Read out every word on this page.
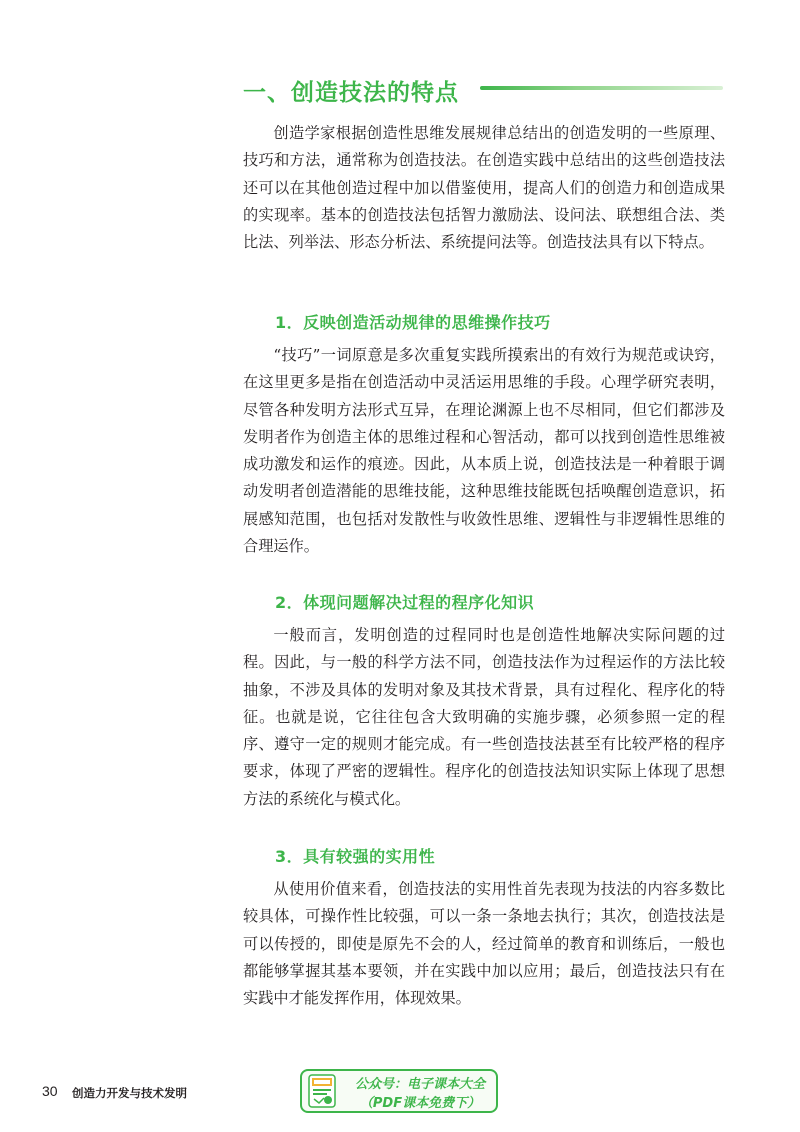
一、创造技法的特点

创造学家根据创造性思维发展规律总结出的创造发明的一些原理、技巧和方法，通常称为创造技法。在创造实践中总结出的这些创造技法还可以在其他创造过程中加以借鉴使用，提高人们的创造力和创造成果的实现率。基本的创造技法包括智力激励法、设问法、联想组合法、类比法、列举法、形态分析法、系统提问法等。创造技法具有以下特点。

1．反映创造活动规律的思维操作技巧

“技巧”一词原意是多次重复实践所摸索出的有效行为规范或诀窍，在这里更多是指在创造活动中灵活运用思维的手段。心理学研究表明，尽管各种发明方法形式互异，在理论渊源上也不尽相同，但它们都涉及发明者作为创造主体的思维过程和心智活动，都可以找到创造性思维被成功激发和运作的痕迹。因此，从本质上说，创造技法是一种着眼于调动发明者创造潜能的思维技能，这种思维技能既包括唤醒创造意识，拓展感知范围，也包括对发散性与收敛性思维、逻辑性与非逻辑性思维的合理运作。

2．体现问题解决过程的程序化知识

一般而言，发明创造的过程同时也是创造性地解决实际问题的过程。因此，与一般的科学方法不同，创造技法作为过程运作的方法比较抽象，不涉及具体的发明对象及其技术背景，具有过程化、程序化的特征。也就是说，它往往包含大致明确的实施步骤，必须参照一定的程序、遵守一定的规则才能完成。有一些创造技法甚至有比较严格的程序要求，体现了严密的逻辑性。程序化的创造技法知识实际上体现了思想方法的系统化与模式化。

3．具有较强的实用性

从使用价值来看，创造技法的实用性首先表现为技法的内容多数比较具体，可操作性比较强，可以一条一条地去执行；其次，创造技法是可以传授的，即使是原先不会的人，经过简单的教育和训练后，一般也都能够掌握其基本要领，并在实践中加以应用；最后，创造技法只有在实践中才能发挥作用，体现效果。

30 创造力开发与技术发明
公众号：电子课本大全
（PDF课本免费下）
